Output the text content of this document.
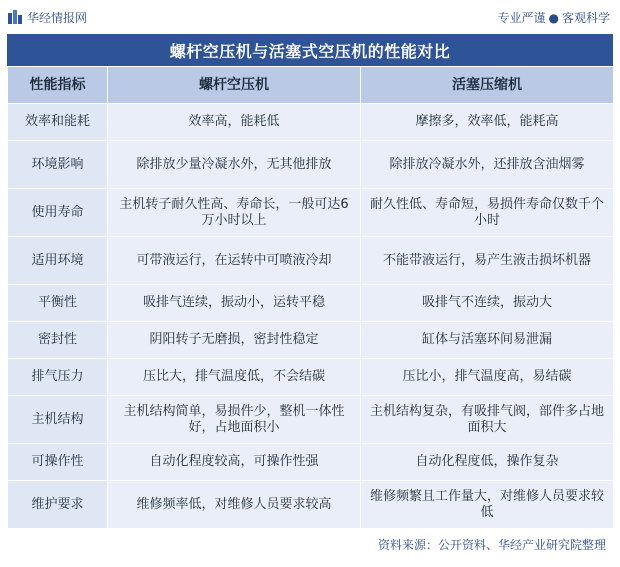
华经情报网	专业严谨 ● 客观科学
螺杆空压机与活塞式空压机的性能对比
性能指标	螺杆空压机	活塞压缩机
效率和能耗	效率高，能耗低	摩擦多，效率低，能耗高
环境影响	除排放少量冷凝水外，无其他排放	除排放冷凝水外，还排放含油烟雾
使用寿命	主机转子耐久性高、寿命长，一般可达6万小时以上	耐久性低、寿命短，易损件寿命仅数千个小时
适用环境	可带液运行，在运转中可喷液冷却	不能带液运行，易产生液击损坏机器
平衡性	吸排气连续，振动小，运转平稳	吸排气不连续，振动大
密封性	阴阳转子无磨损，密封性稳定	缸体与活塞环间易泄漏
排气压力	压比大，排气温度低，不会结碳	压比小，排气温度高，易结碳
主机结构	主机结构简单，易损件少，整机一体性好，占地面积小	主机结构复杂，有吸排气阀，部件多占地面积大
可操作性	自动化程度较高，可操作性强	自动化程度低，操作复杂
维护要求	维修频率低，对维修人员要求较高	维修频繁且工作量大，对维修人员要求较低
资料来源：公开资料、华经产业研究院整理
